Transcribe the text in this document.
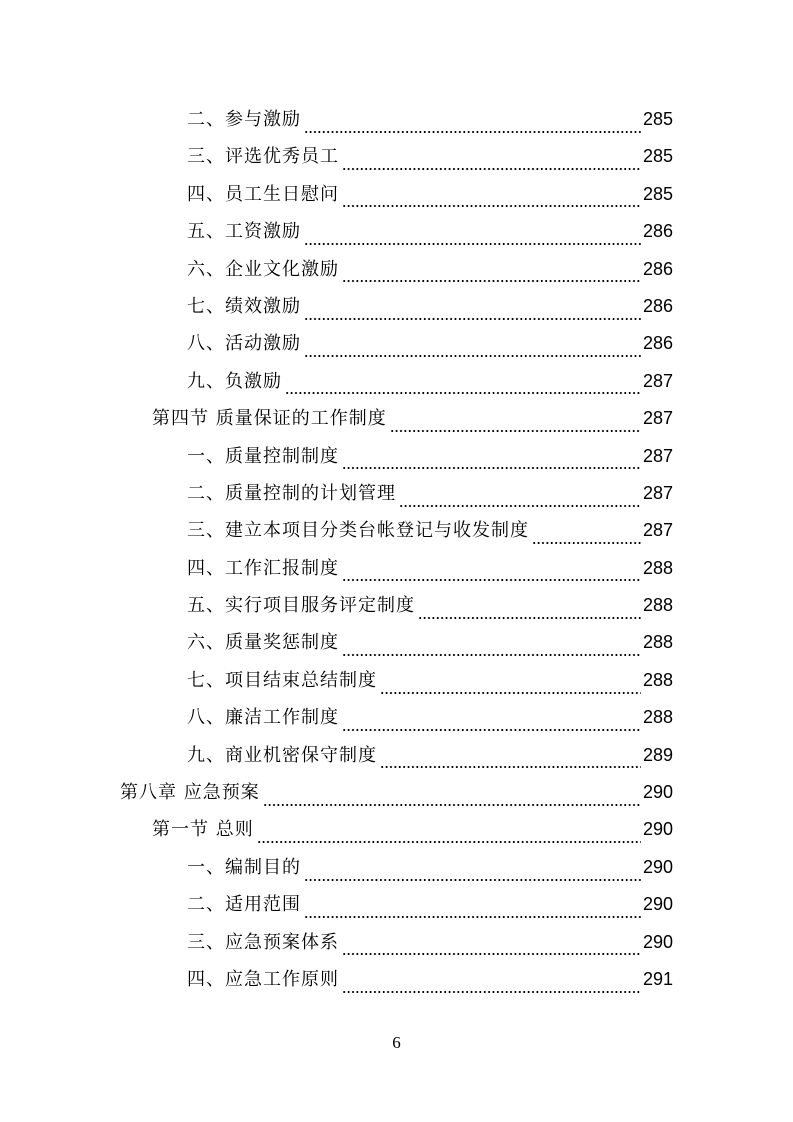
二、参与激励	285
三、评选优秀员工	285
四、员工生日慰问	285
五、工资激励	286
六、企业文化激励	286
七、绩效激励	286
八、活动激励	286
九、负激励	287
第四节 质量保证的工作制度	287
一、质量控制制度	287
二、质量控制的计划管理	287
三、建立本项目分类台帐登记与收发制度	287
四、工作汇报制度	288
五、实行项目服务评定制度	288
六、质量奖惩制度	288
七、项目结束总结制度	288
八、廉洁工作制度	288
九、商业机密保守制度	289
第八章 应急预案	290
第一节 总则	290
一、编制目的	290
二、适用范围	290
三、应急预案体系	290
四、应急工作原则	291
6
